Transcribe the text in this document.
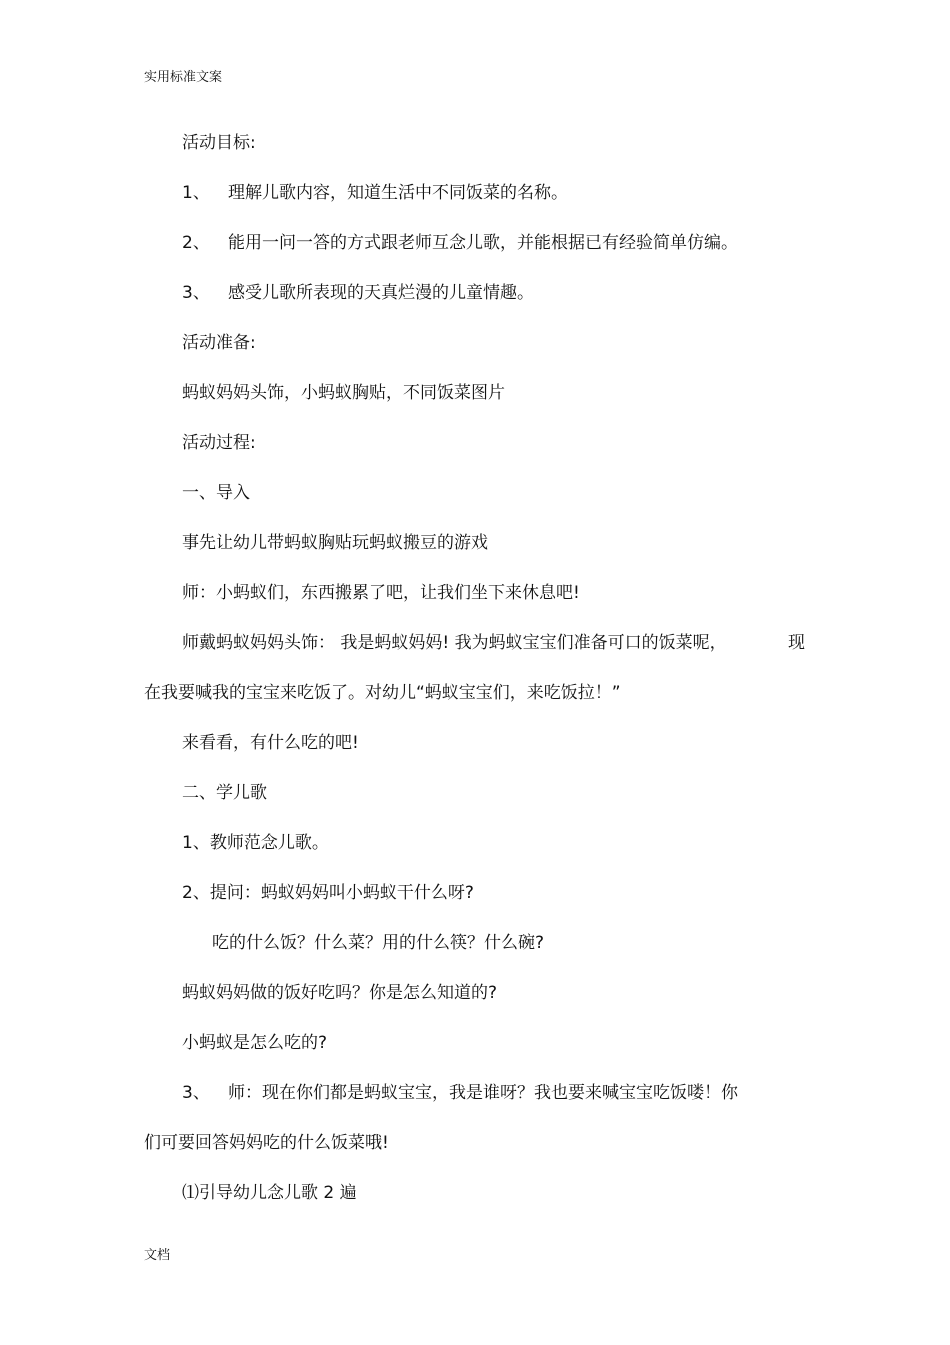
实用标准文案
活动目标:
1、 理解儿歌内容，知道生活中不同饭菜的名称。
2、 能用一问一答的方式跟老师互念儿歌，并能根据已有经验简单仿编。
3、 感受儿歌所表现的天真烂漫的儿童情趣。
活动准备:
蚂蚁妈妈头饰，小蚂蚁胸贴，不同饭菜图片
活动过程:
一、导入
事先让幼儿带蚂蚁胸贴玩蚂蚁搬豆的游戏
师：小蚂蚁们，东西搬累了吧，让我们坐下来休息吧!
师戴蚂蚁妈妈头饰： 我是蚂蚁妈妈! 我为蚂蚁宝宝们准备可口的饭菜呢，	现
在我要喊我的宝宝来吃饭了。对幼儿“蚂蚁宝宝们，来吃饭拉！”
来看看，有什么吃的吧!
二、学儿歌
1、教师范念儿歌。
2、提问：蚂蚁妈妈叫小蚂蚁干什么呀?
吃的什么饭？什么菜？用的什么筷？什么碗?
蚂蚁妈妈做的饭好吃吗？你是怎么知道的?
小蚂蚁是怎么吃的?
3、 师：现在你们都是蚂蚁宝宝，我是谁呀？我也要来喊宝宝吃饭喽！你
们可要回答妈妈吃的什么饭菜哦!
⑴引导幼儿念儿歌 2 遍
文档
